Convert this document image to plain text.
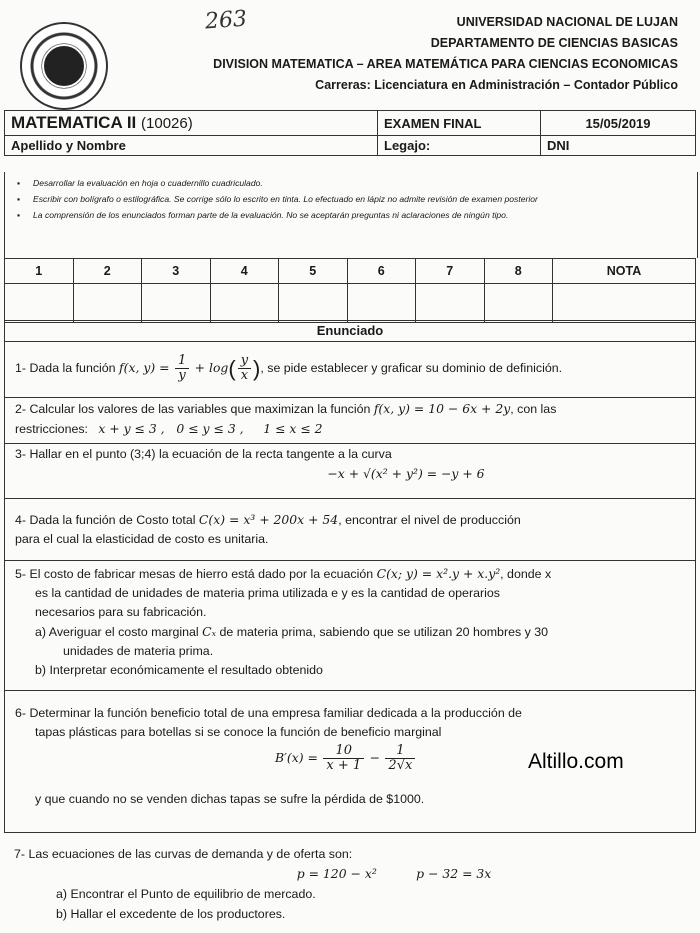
263	UNIVERSIDAD NACIONAL DE LUJAN
DEPARTAMENTO DE CIENCIAS BASICAS
DIVISION MATEMATICA – AREA MATEMÁTICA PARA CIENCIAS ECONOMICAS
Carreras: Licenciatura en Administración – Contador Público
MATEMATICA II (10026)	EXAMEN FINAL	15/05/2019
Apellido y Nombre	Legajo:	DNI
▪ Desarrollar la evaluación en hoja o cuadernillo cuadriculado.
▪ Escribir con bolígrafo o estilográfica. Se corrige sólo lo escrito en tinta. Lo efectuado en lápiz no admite revisión de examen posterior
▪ La comprensión de los enunciados forman parte de la evaluación. No se aceptarán preguntas ni aclaraciones de ningún tipo.
1	2	3	4	5	6	7	8	NOTA

Enunciado

1- Dada la función f(x, $y) = \frac{1}{y} + \log( \frac{y}{x}$ ), se pide establecer y graficar su dominio de definición.

2- Calcular los valores de las variables que maximizan la función f(x, y) = 10 − 6x + 2y, con las

restricciones: x + y ≤ 3 ,   0 ≤ y ≤ 3 ,     1 ≤ x ≤ 2

3- Hallar en el punto (3;4) la ecuación de la recta tangente a la curva

−x + √(x² + y²) = −y + 6

4- Dada la función de Costo total C(x) = x³ + 200x + 54, encontrar el nivel de producción

para el cual la elasticidad de costo es unitaria.

5- El costo de fabricar mesas de hierro está dado por la ecuación C(x; y) = x².y + x.y², donde x

es la cantidad de unidades de materia prima utilizada e y es la cantidad de operarios

necesarios para su fabricación.

a) Averiguar el costo marginal Cₓ de materia prima, sabiendo que se utilizan 20 hombres y 30

unidades de materia prima.

b) Interpretar económicamente el resultado obtenido

6- Determinar la función beneficio total de una empresa familiar dedicada a la producción de

tapas plásticas para botellas si se conoce la función de beneficio marginal

$B'(x) = \frac{10}{x + 1} - \frac{1}{2√x}$

y que cuando no se venden dichas tapas se sufre la pérdida de $1000.

7- Las ecuaciones de las curvas de demanda y de oferta son:

p = 120 − x²          p − 32 = 3x

a) Encontrar el Punto de equilibrio de mercado.

b) Hallar el excedente de los productores.

Altillo.com
